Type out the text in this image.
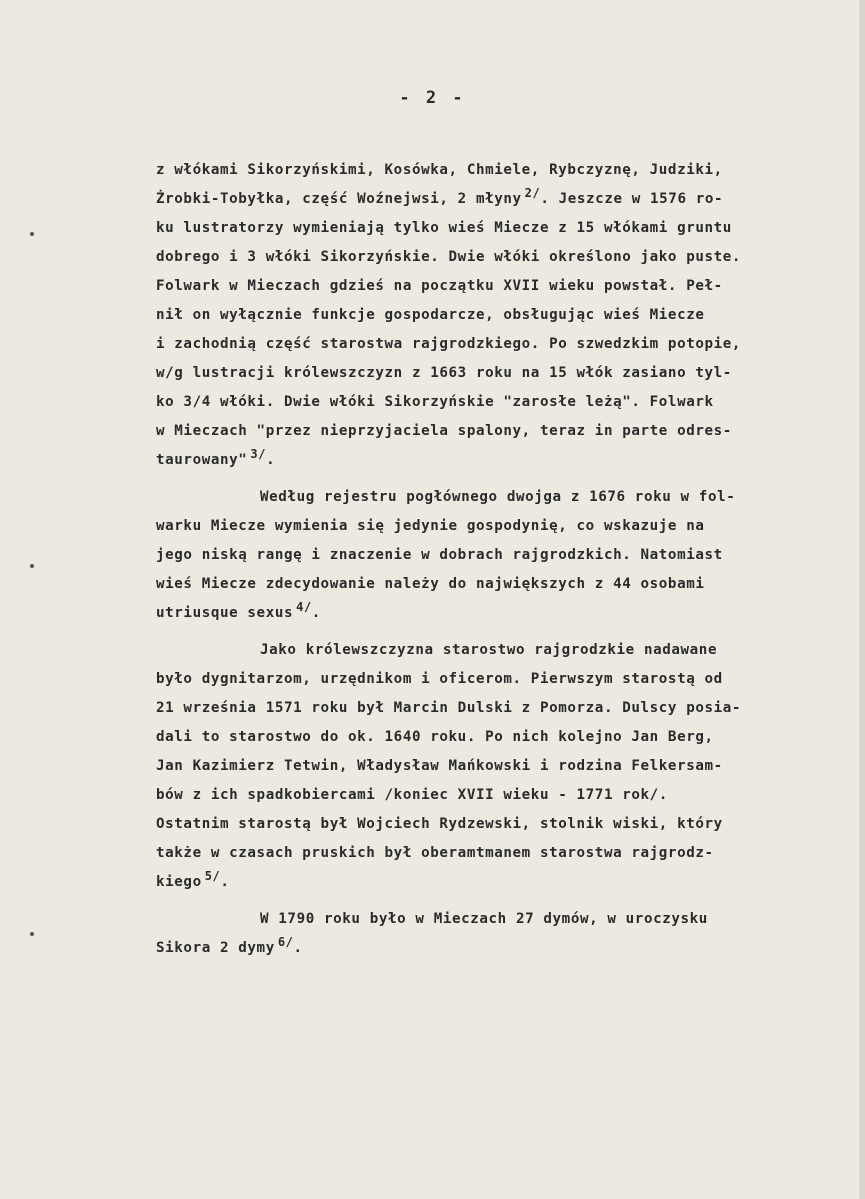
- 2 -
z włókami Sikorzyńskimi, Kosówka, Chmiele, Rybczyznę, Judziki,
Żrobki-Tobyłka, część Woźnejwsi, 2 młyny $^{2/}$. Jeszcze w 1576 ro-
ku lustratorzy wymieniają tylko wieś Miecze z 15 włókami gruntu
dobrego i 3 włóki Sikorzyńskie. Dwie włóki określono jako puste.
Folwark w Mieczach gdzieś na początku XVII wieku powstał. Peł-
nił on wyłącznie funkcje gospodarcze, obsługując wieś Miecze
i zachodnią część starostwa rajgrodzkiego. Po szwedzkim potopie,
w/g lustracji królewszczyzn z 1663 roku na 15 włók zasiano tyl-
ko 3/4 włóki. Dwie włóki Sikorzyńskie "zarosłe leżą". Folwark
w Mieczach "przez nieprzyjaciela spalony, teraz in parte odres-
taurowany" $^{3/}$.
Według rejestru pogłównego dwojga z 1676 roku w fol-
warku Miecze wymienia się jedynie gospodynię, co wskazuje na
jego niską rangę i znaczenie w dobrach rajgrodzkich. Natomiast
wieś Miecze zdecydowanie należy do największych z 44 osobami
utriusque sexus $^{4/}$.
Jako królewszczyzna starostwo rajgrodzkie nadawane
było dygnitarzom, urzędnikom i oficerom. Pierwszym starostą od
21 września 1571 roku był Marcin Dulski z Pomorza. Dulscy posia-
dali to starostwo do ok. 1640 roku. Po nich kolejno Jan Berg,
Jan Kazimierz Tetwin, Władysław Mańkowski i rodzina Felkersam-
bów z ich spadkobiercami /koniec XVII wieku - 1771 rok/.
Ostatnim starostą był Wojciech Rydzewski, stolnik wiski, który
także w czasach pruskich był oberamtmanem starostwa rajgrodz-
kiego $^{5/}$.
W 1790 roku było w Mieczach 27 dymów, w uroczysku
Sikora 2 dymy $^{6/}$.
